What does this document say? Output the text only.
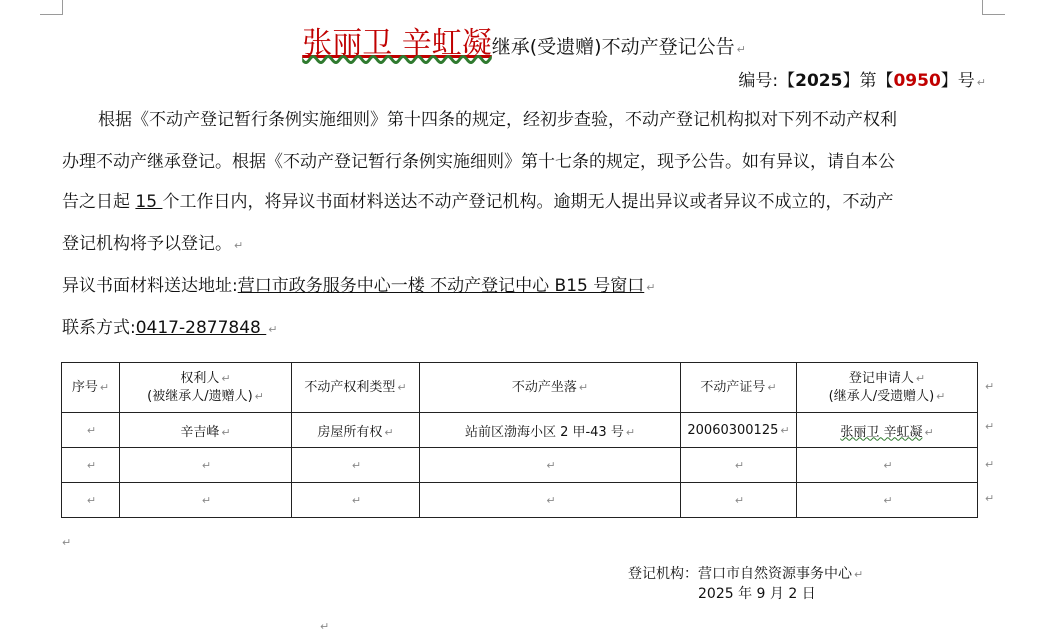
张丽卫 辛虹凝继承(受遗赠)不动产登记公告 ↵
编号:【2025】第【0950】号 ↵
根据《不动产登记暂行条例实施细则》第十四条的规定，经初步查验，不动产登记机构拟对下列不动产权利
办理不动产继承登记。根据《不动产登记暂行条例实施细则》第十七条的规定，现予公告。如有异议，请自本公
告之日起 15 个工作日内，将异议书面材料送达不动产登记机构。逾期无人提出异议或者异议不成立的，不动产
登记机构将予以登记。 ↵
异议书面材料送达地址:营口市政务服务中心一楼 不动产登记中心 B15 号窗口 ↵
联系方式:0417-2877848 ↵
序号 ↵	权利人 ↵
(被继承人/遗赠人) ↵	不动产权利类型 ↵	不动产坐落 ↵	不动产证号 ↵	登记申请人 ↵
(继承人/受遗赠人) ↵
↵	辛吉峰 ↵	房屋所有权 ↵	站前区渤海小区 2 甲-43 号 ↵	20060300125 ↵	张丽卫 辛虹凝 ↵
↵	↵	↵	↵	↵	↵
↵	↵	↵	↵	↵	↵
↵
↵
↵
↵
↵
登记机构：营口市自然资源事务中心 ↵
2025 年 9 月 2 日
↵
